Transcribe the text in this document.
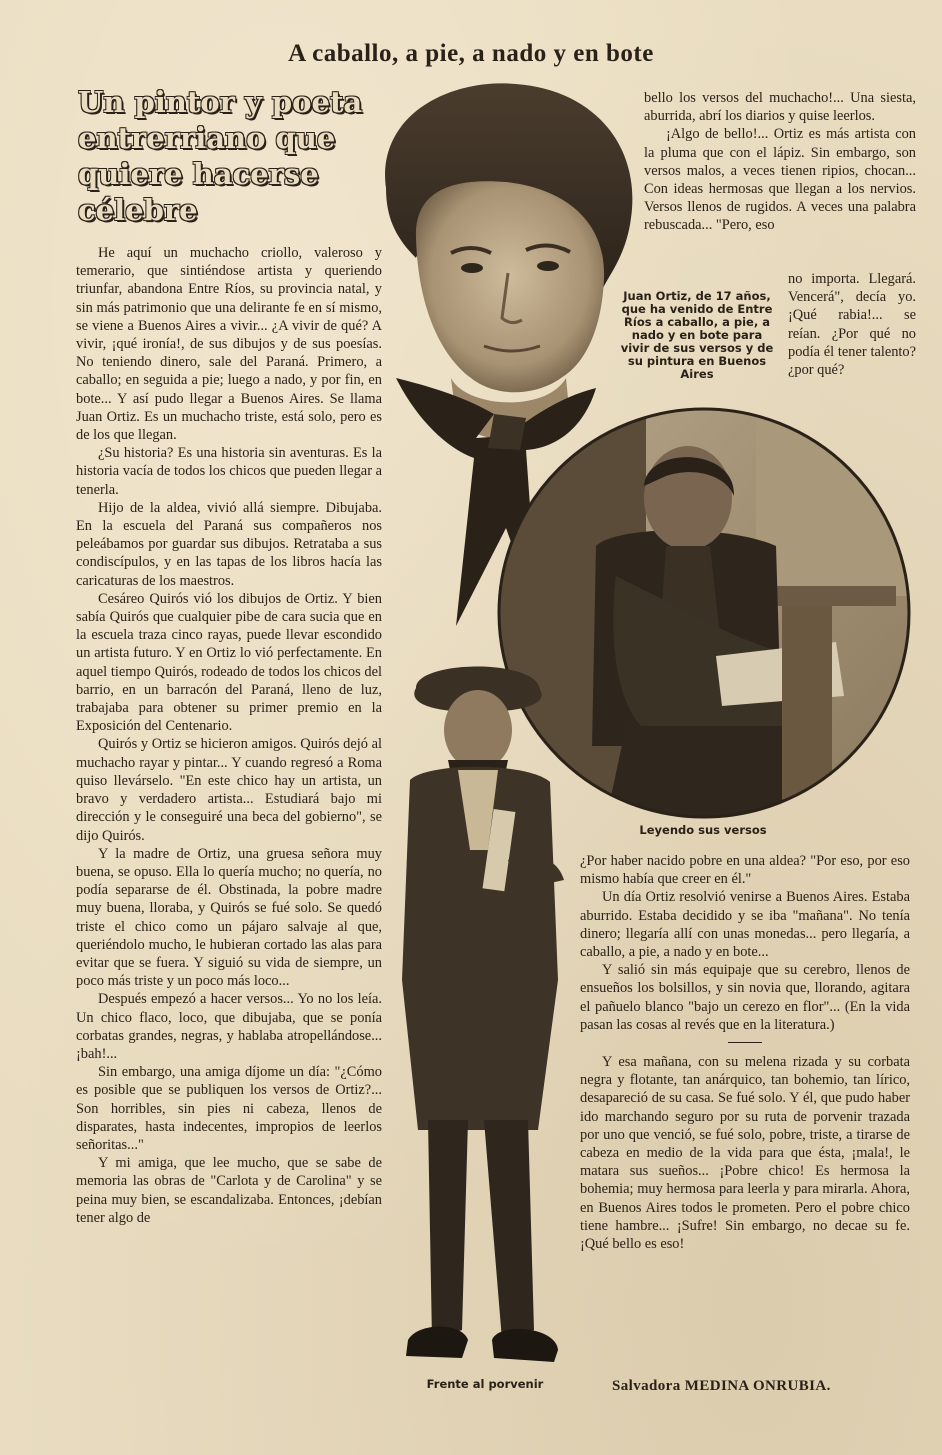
A caballo, a pie, a nado y en bote
Un pintor y poeta entrerriano que quiere hacerse célebre

He aquí un muchacho criollo, valeroso y temerario, que sintiéndose artista y queriendo triunfar, abandona Entre Ríos, su provincia natal, y sin más patrimonio que una delirante fe en sí mismo, se viene a Buenos Aires a vivir... ¿A vivir de qué? A vivir, ¡qué ironía!, de sus dibujos y de sus poesías. No teniendo dinero, sale del Paraná. Primero, a caballo; en seguida a pie; luego a nado, y por fin, en bote... Y así pudo llegar a Buenos Aires. Se llama Juan Ortiz. Es un muchacho triste, está solo, pero es de los que llegan.

¿Su historia? Es una historia sin aventuras. Es la historia vacía de todos los chicos que pueden llegar a tenerla.

Hijo de la aldea, vivió allá siempre. Dibujaba. En la escuela del Paraná sus compañeros nos peleábamos por guardar sus dibujos. Retrataba a sus condiscípulos, y en las tapas de los libros hacía las caricaturas de los maestros.

Cesáreo Quirós vió los dibujos de Ortiz. Y bien sabía Quirós que cualquier pibe de cara sucia que en la escuela traza cinco rayas, puede llevar escondido un artista futuro. Y en Ortiz lo vió perfectamente. En aquel tiempo Quirós, rodeado de todos los chicos del barrio, en un barracón del Paraná, lleno de luz, trabajaba para obtener su primer premio en la Exposición del Centenario.

Quirós y Ortiz se hicieron amigos. Quirós dejó al muchacho rayar y pintar... Y cuando regresó a Roma quiso llevárselo. "En este chico hay un artista, un bravo y verdadero artista... Estudiará bajo mi dirección y le conseguiré una beca del gobierno", se dijo Quirós.

Y la madre de Ortiz, una gruesa señora muy buena, se opuso. Ella lo quería mucho; no quería, no podía separarse de él. Obstinada, la pobre madre muy buena, lloraba, y Quirós se fué solo. Se quedó triste el chico como un pájaro salvaje al que, queriéndolo mucho, le hubieran cortado las alas para evitar que se fuera. Y siguió su vida de siempre, un poco más triste y un poco más loco...

Después empezó a hacer versos... Yo no los leía. Un chico flaco, loco, que dibujaba, que se ponía corbatas grandes, negras, y hablaba atropellándose... ¡bah!...

Sin embargo, una amiga díjome un día: "¿Cómo es posible que se publiquen los versos de Ortiz?... Son horribles, sin pies ni cabeza, llenos de disparates, hasta indecentes, impropios de leerlos señoritas..."

Y mi amiga, que lee mucho, que se sabe de memoria las obras de "Carlota y de Carolina" y se peina muy bien, se escandalizaba. Entonces, ¡debían tener algo de

bello los versos del muchacho!... Una siesta, aburrida, abrí los diarios y quise leerlos.

¡Algo de bello!... Ortiz es más artista con la pluma que con el lápiz. Sin embargo, son versos malos, a veces tienen ripios, chocan... Con ideas hermosas que llegan a los nervios. Versos llenos de rugidos. A veces una palabra rebuscada... "Pero, eso

no importa. Llegará. Vencerá", decía yo. ¡Qué rabia!... se reían. ¿Por qué no podía él tener talento? ¿por qué?

Juan Ortiz, de 17 años, que ha venido de Entre Ríos a caballo, a pie, a nado y en bote para vivir de sus versos y de su pintura en Buenos Aires
Leyendo sus versos
Frente al porvenir

¿Por haber nacido pobre en una aldea? "Por eso, por eso mismo había que creer en él."

Un día Ortiz resolvió venirse a Buenos Aires. Estaba aburrido. Estaba decidido y se iba "mañana". No tenía dinero; llegaría allí con unas monedas... pero llegaría, a caballo, a pie, a nado y en bote...

Y salió sin más equipaje que su cerebro, llenos de ensueños los bolsillos, y sin novia que, llorando, agitara el pañuelo blanco "bajo un cerezo en flor"... (En la vida pasan las cosas al revés que en la literatura.)

Y esa mañana, con su melena rizada y su corbata negra y flotante, tan anárquico, tan bohemio, tan lírico, desapareció de su casa. Se fué solo. Y él, que pudo haber ido marchando seguro por su ruta de porvenir trazada por uno que venció, se fué solo, pobre, triste, a tirarse de cabeza en medio de la vida para que ésta, ¡mala!, le matara sus sueños... ¡Pobre chico! Es hermosa la bohemia; muy hermosa para leerla y para mirarla. Ahora, en Buenos Aires todos le prometen. Pero el pobre chico tiene hambre... ¡Sufre! Sin embargo, no decae su fe. ¡Qué bello es eso!

Salvadora MEDINA ONRUBIA.
